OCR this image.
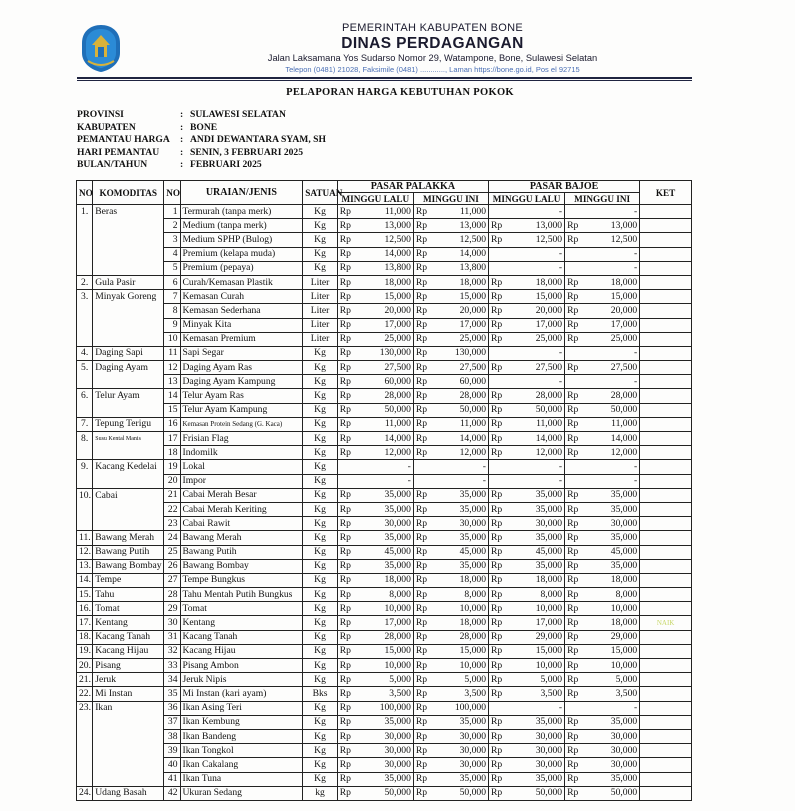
PEMERINTAH KABUPATEN BONE
DINAS PERDAGANGAN
Jalan Laksamana Yos Sudarso Nomor 29, Watampone, Bone, Sulawesi Selatan
Telepon (0481) 21028, Faksimile (0481) ............, Laman https://bone.go.id, Pos el 92715
PELAPORAN HARGA KEBUTUHAN POKOK
PROVINSI	: SULAWESI SELATAN
KABUPATEN	: BONE
PEMANTAU HARGA : ANDI DEWANTARA SYAM, SH
HARI PEMANTAU : SENIN, 3 FEBRUARI 2025
BULAN/TAHUN	: FEBRUARI 2025
NO	KOMODITAS	NO	URAIAN/JENIS	SATUAN	PASAR PALAKKA				PASAR BAJOE				KET
					MINGGU LALU		MINGGU INI		MINGGU LALU		MINGGU INI		
1.	Beras	1	Termurah (tanpa merk)	Kg	Rp	11,000	Rp	11,000	-		-		
		2	Medium (tanpa merk)	Kg	Rp	13,000	Rp	13,000	Rp	13,000	Rp	13,000	
		3	Medium SPHP (Bulog)	Kg	Rp	12,500	Rp	12,500	Rp	12,500	Rp	12,500	
		4	Premium (kelapa muda)	Kg	Rp	14,000	Rp	14,000	-		-		
		5	Premium (pepaya)	Kg	Rp	13,800	Rp	13,800	-		-		
2.	Gula Pasir	6	Curah/Kemasan Plastik	Liter	Rp	18,000	Rp	18,000	Rp	18,000	Rp	18,000	
3.	Minyak Goreng	7	Kemasan Curah	Liter	Rp	15,000	Rp	15,000	Rp	15,000	Rp	15,000	
		8	Kemasan Sederhana	Liter	Rp	20,000	Rp	20,000	Rp	20,000	Rp	20,000	
		9	Minyak Kita	Liter	Rp	17,000	Rp	17,000	Rp	17,000	Rp	17,000	
		10	Kemasan Premium	Liter	Rp	25,000	Rp	25,000	Rp	25,000	Rp	25,000	
4.	Daging Sapi	11	Sapi Segar	Kg	Rp	130,000	Rp	130,000	-		-		
5.	Daging Ayam	12	Daging Ayam Ras	Kg	Rp	27,500	Rp	27,500	Rp	27,500	Rp	27,500	
		13	Daging Ayam Kampung	Kg	Rp	60,000	Rp	60,000	-		-		
6.	Telur Ayam	14	Telur Ayam Ras	Kg	Rp	28,000	Rp	28,000	Rp	28,000	Rp	28,000	
		15	Telur Ayam Kampung	Kg	Rp	50,000	Rp	50,000	Rp	50,000	Rp	50,000	
7.	Tepung Terigu	16	Kemasan Protein Sedang (G. Kaca)	Kg	Rp	11,000	Rp	11,000	Rp	11,000	Rp	11,000	
8.	Susu Kental Manis	17	Frisian Flag	Kg	Rp	14,000	Rp	14,000	Rp	14,000	Rp	14,000	
		18	Indomilk	Kg	Rp	12,000	Rp	12,000	Rp	12,000	Rp	12,000	
9.	Kacang Kedelai	19	Lokal	Kg	-		-		-		-		
		20	Impor	Kg	-		-		-		-		
10.	Cabai	21	Cabai Merah Besar	Kg	Rp	35,000	Rp	35,000	Rp	35,000	Rp	35,000	
		22	Cabai Merah Keriting	Kg	Rp	35,000	Rp	35,000	Rp	35,000	Rp	35,000	
		23	Cabai Rawit	Kg	Rp	30,000	Rp	30,000	Rp	30,000	Rp	30,000	
11.	Bawang Merah	24	Bawang Merah	Kg	Rp	35,000	Rp	35,000	Rp	35,000	Rp	35,000	
12.	Bawang Putih	25	Bawang Putih	Kg	Rp	45,000	Rp	45,000	Rp	45,000	Rp	45,000	
13.	Bawang Bombay	26	Bawang Bombay	Kg	Rp	35,000	Rp	35,000	Rp	35,000	Rp	35,000	
14.	Tempe	27	Tempe Bungkus	Kg	Rp	18,000	Rp	18,000	Rp	18,000	Rp	18,000	
15.	Tahu	28	Tahu Mentah Putih Bungkus	Kg	Rp	8,000	Rp	8,000	Rp	8,000	Rp	8,000	
16.	Tomat	29	Tomat	Kg	Rp	10,000	Rp	10,000	Rp	10,000	Rp	10,000	
17.	Kentang	30	Kentang	Kg	Rp	17,000	Rp	18,000	Rp	17,000	Rp	18,000	NAIK
18.	Kacang Tanah	31	Kacang Tanah	Kg	Rp	28,000	Rp	28,000	Rp	29,000	Rp	29,000	
19.	Kacang Hijau	32	Kacang Hijau	Kg	Rp	15,000	Rp	15,000	Rp	15,000	Rp	15,000	
20.	Pisang	33	Pisang Ambon	Kg	Rp	10,000	Rp	10,000	Rp	10,000	Rp	10,000	
21.	Jeruk	34	Jeruk Nipis	Kg	Rp	5,000	Rp	5,000	Rp	5,000	Rp	5,000	
22.	Mi Instan	35	Mi Instan (kari ayam)	Bks	Rp	3,500	Rp	3,500	Rp	3,500	Rp	3,500	
23.	Ikan	36	Ikan Asing Teri	Kg	Rp	100,000	Rp	100,000	-		-		
		37	Ikan Kembung	Kg	Rp	35,000	Rp	35,000	Rp	35,000	Rp	35,000	
		38	Ikan Bandeng	Kg	Rp	30,000	Rp	30,000	Rp	30,000	Rp	30,000	
		39	Ikan Tongkol	Kg	Rp	30,000	Rp	30,000	Rp	30,000	Rp	30,000	
		40	Ikan Cakalang	Kg	Rp	30,000	Rp	30,000	Rp	30,000	Rp	30,000	
		41	Ikan Tuna	Kg	Rp	35,000	Rp	35,000	Rp	35,000	Rp	35,000	
24.	Udang Basah	42	Ukuran Sedang	kg	Rp	50,000	Rp	50,000	Rp	50,000	Rp	50,000	
